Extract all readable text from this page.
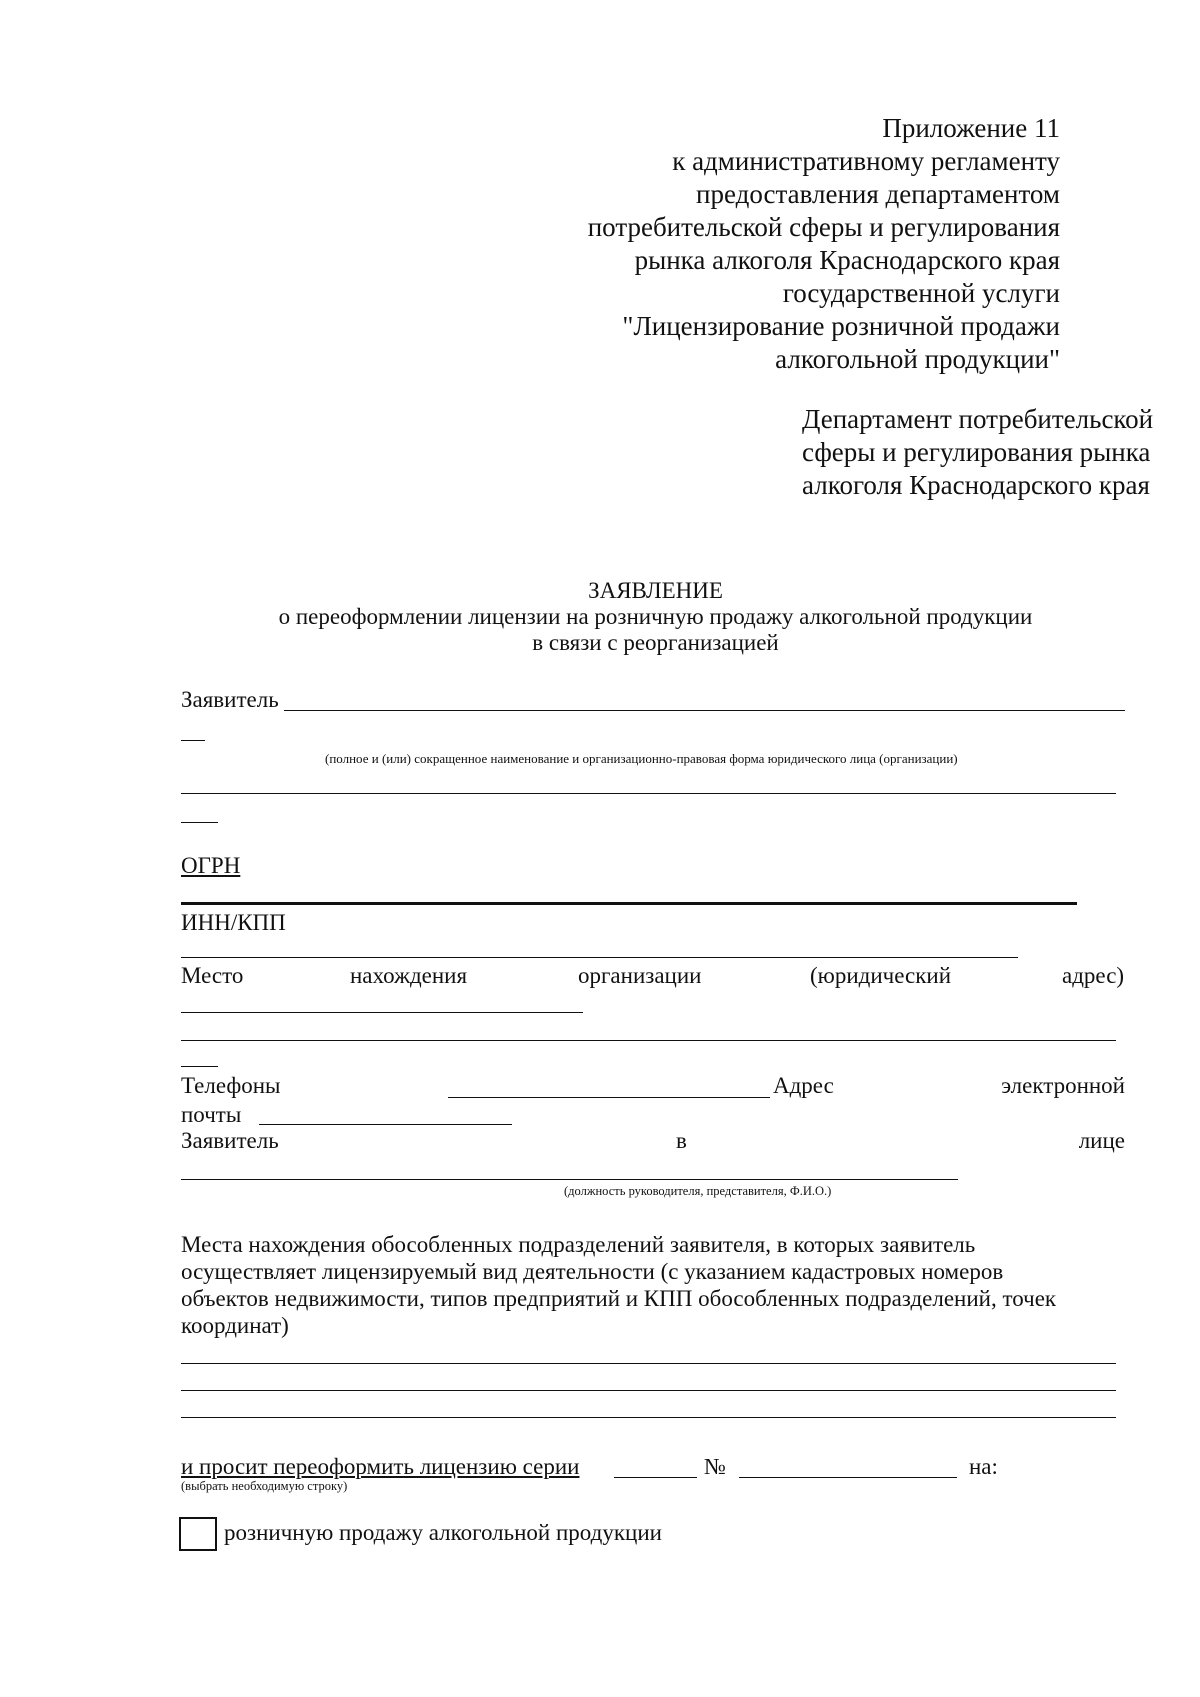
Приложение 11
к административному регламенту
предоставления департаментом
потребительской сферы и регулирования
рынка алкоголя Краснодарского края
государственной услуги
"Лицензирование розничной продажи
алкогольной продукции"
Департамент потребительской
сферы и регулирования рынка
алкоголя Краснодарского края
ЗАЯВЛЕНИЕ
о переоформлении лицензии на розничную продажу алкогольной продукции
в связи с реорганизацией
Заявитель
(полное и (или) сокращенное наименование и организационно-правовая форма юридического лица (организации)
ОГРН
ИНН/КПП
Место	нахождения	организации	(юридический	адрес)
Телефоны	Адрес	электронной
почты
Заявитель	в	лице
(должность руководителя, представителя, Ф.И.О.)
Места нахождения обособленных подразделений заявителя, в которых заявитель
осуществляет лицензируемый вид деятельности (с указанием кадастровых номеров
объектов недвижимости, типов предприятий и КПП обособленных подразделений, точек
координат)
и просит переоформить лицензию серии	№	на:
(выбрать необходимую строку)
розничную продажу алкогольной продукции
